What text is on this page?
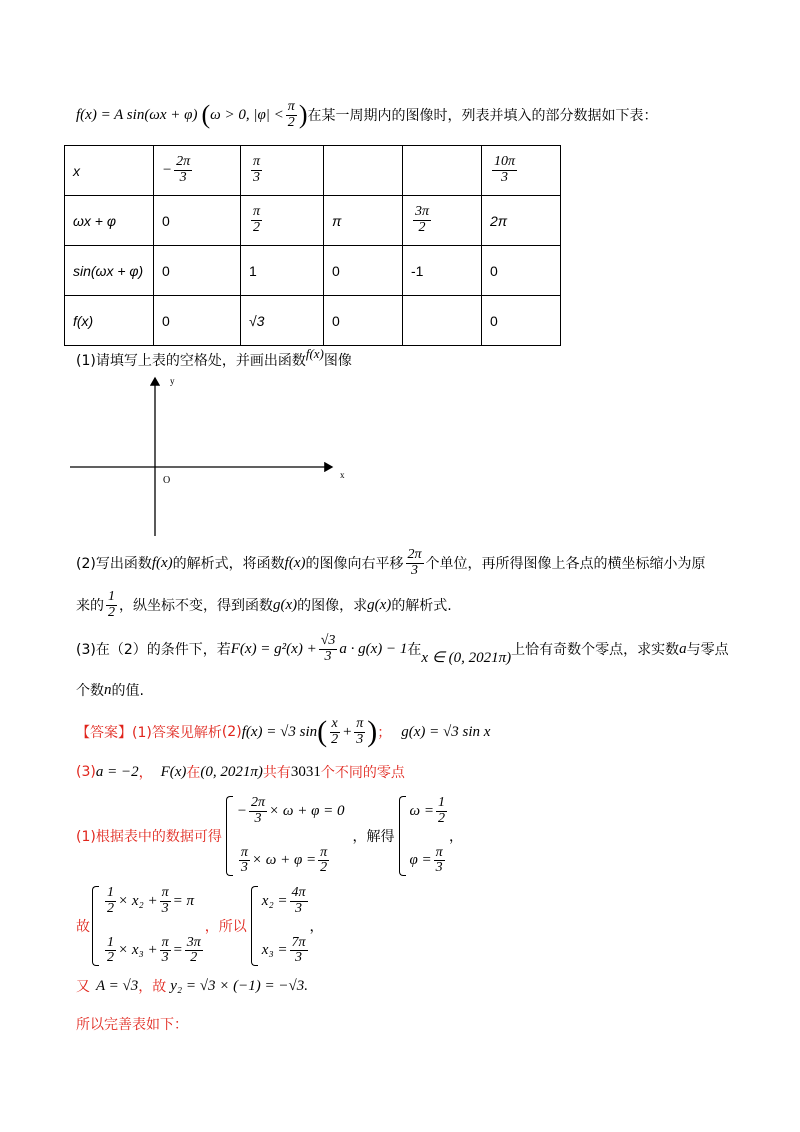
f(x) = A sin(ωx + φ) ( ω > 0, $|\varphi| < \frac{\pi}{2}$ ) 在某一周期内的图像时，列表并填入的部分数据如下表：
x	− $\frac{2\pi}{3}$	$\frac{\pi}{3}$			$\frac{10\pi}{3}$

ωx + φ	0	$\frac{\pi}{2}$	π	$\frac{3\pi}{2}$	2π
sin(ωx + φ)	0	1	0	-1	0
f(x)	0	√3	0		0
(1)请填写上表的空格处，并画出函数 f(x) 图像
y
x
O
(2)写出函数 f(x) 的解析式，将函数 f(x) 的图像向右平移 $\frac{2\pi}{3}$ 个单位，再所得图像上各点的横坐标缩小为原
来的 $\frac{1}{2}$ ，纵坐标不变，得到函数 g(x) 的图像，求 g(x) 的解析式.
(3)在（2）的条件下，若 $F(x) = g^2(x) + \frac{√3}{3}$ a · g(x) − 1 在 x ∈ (0, 2021π) 上恰有奇数个零点，求实数 a 与零点
个数 n 的值.
【答案】 (1)答案见解析 (2) f(x) = √3 sin ( $\frac{x}{2} + \frac{\pi}{3}$ ) ； g(x) = √3 sin x
(3) a = −2 ， F(x) 在 (0, 2021π) 共有 3031 个不同的零点
(1)根据表中的数据可得
− $\frac{2\pi}{3} \times \omega + \varphi = 0$
$\frac{\pi}{3} \times \omega + \varphi = \frac{\pi}{2}$
，解得
$\omega = \frac{1}{2}$
$\varphi = \frac{\pi}{3}$
，
故
$\frac{1}{2} \times x_2 + \frac{\pi}{3} = \pi$
$\frac{1}{2} \times x_3 + \frac{\pi}{3} = \frac{3\pi}{2}$
，所以
$x_2 = \frac{4\pi}{3}$
$x_3 = \frac{7\pi}{3}$
，
又 A = √3 ，故 y₂ = √3 × (−1) = −√3 .
所以完善表如下：
